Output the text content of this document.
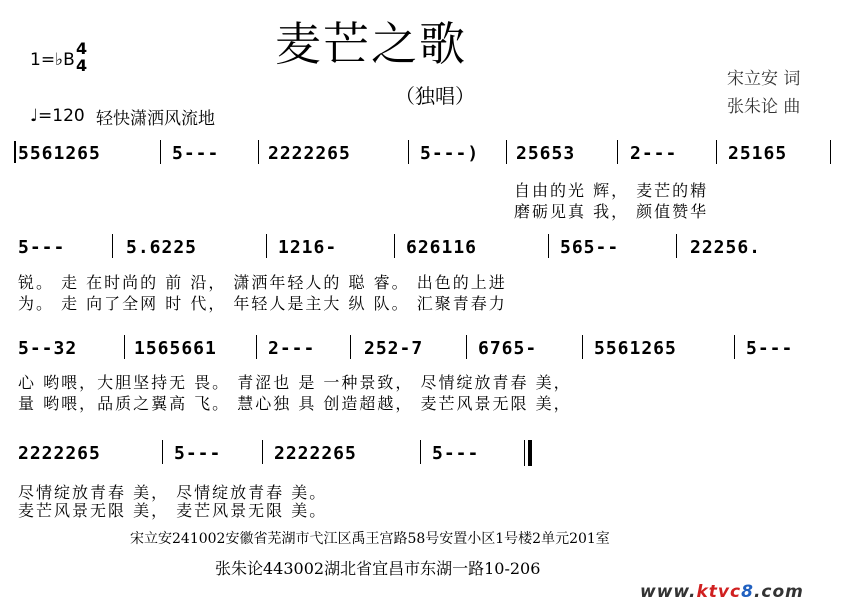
麦芒之歌
（独唱）
1=♭B
4
4
♩=120 轻快潇洒风流地
宋立安 词
张朱论 曲
5561265	5---	2222265	5---) 25653	2---	25165
自由的光 辉， 麦芒的精
磨砺见真 我， 颜值赞华
5---	5.6225	1216-	626116	565--	22256.
锐。 走 在时尚的 前 沿， 潇洒年轻人的 聪 睿。 出色的上进
为。 走 向了全网 时 代， 年轻人是主大 纵 队。 汇聚青春力
5--32	1565661	2---	252-7	6765-	5561265	5---
心 哟喂，大胆坚持无 畏。 青涩也 是 一种景致， 尽情绽放青春 美，
量 哟喂，品质之翼高 飞。 慧心独 具 创造超越， 麦芒风景无限 美，
2222265	5---	2222265	5---
尽情绽放青春 美， 尽情绽放青春 美。
麦芒风景无限 美， 麦芒风景无限 美。
宋立安241002安徽省芜湖市弋江区禹王宫路58号安置小区1号楼2单元201室
张朱论443002湖北省宜昌市东湖一路10-206
www.ktvc8.com
